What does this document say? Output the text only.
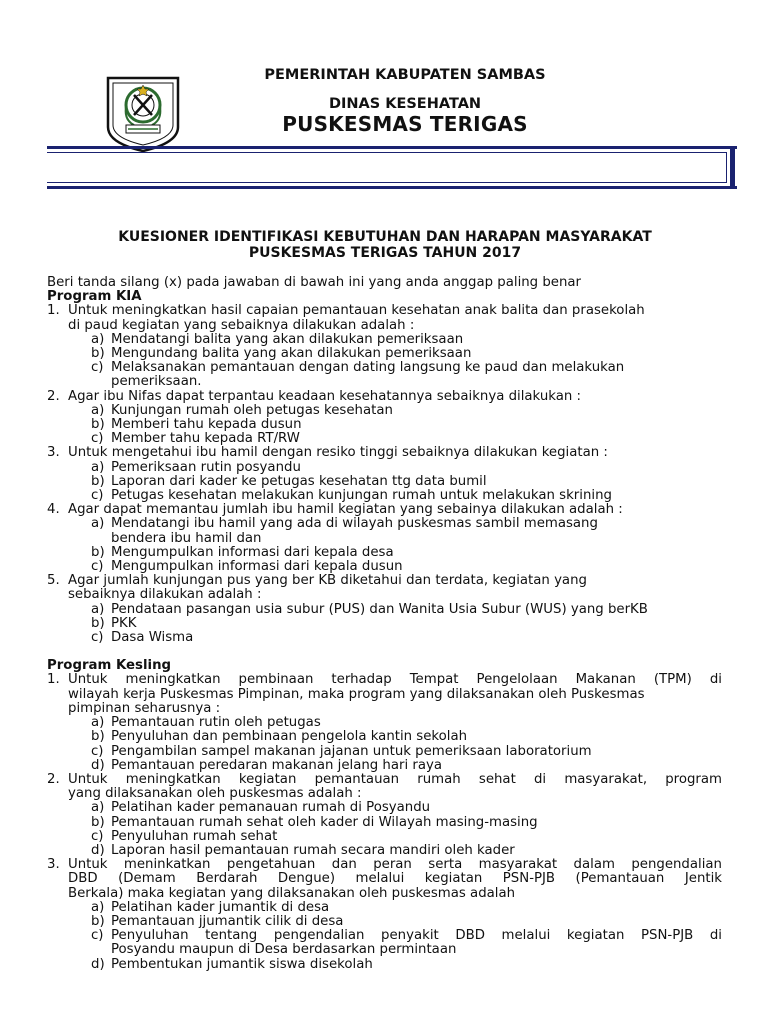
PEMERINTAH KABUPATEN SAMBAS
DINAS KESEHATAN
PUSKESMAS TERIGAS
KUESIONER IDENTIFIKASI KEBUTUHAN DAN HARAPAN MASYARAKAT
PUSKESMAS TERIGAS TAHUN 2017
Beri tanda silang (x) pada jawaban di bawah ini yang anda anggap paling benar
Program KIA
1. Untuk meningkatkan hasil capaian pemantauan kesehatan anak balita dan prasekolah
di paud kegiatan yang sebaiknya dilakukan adalah :
a) Mendatangi balita yang akan dilakukan pemeriksaan
b) Mengundang balita yang akan dilakukan pemeriksaan
c) Melaksanakan pemantauan dengan dating langsung ke paud dan melakukan
pemeriksaan.
2. Agar ibu Nifas dapat terpantau keadaan kesehatannya sebaiknya dilakukan :
a) Kunjungan rumah oleh petugas kesehatan
b) Memberi tahu kepada dusun
c) Member tahu kepada RT/RW
3. Untuk mengetahui ibu hamil dengan resiko tinggi sebaiknya dilakukan kegiatan :
a) Pemeriksaan rutin posyandu
b) Laporan dari kader ke petugas kesehatan ttg data bumil
c) Petugas kesehatan melakukan kunjungan rumah untuk melakukan skrining
4. Agar dapat memantau jumlah ibu hamil kegiatan yang sebainya dilakukan adalah :
a) Mendatangi ibu hamil yang ada di wilayah puskesmas sambil memasang
bendera ibu hamil dan
b) Mengumpulkan informasi dari kepala desa
c) Mengumpulkan informasi dari kepala dusun
5. Agar jumlah kunjungan pus yang ber KB diketahui dan terdata, kegiatan yang
sebaiknya dilakukan adalah :
a) Pendataan pasangan usia subur (PUS) dan Wanita Usia Subur (WUS) yang berKB
b) PKK
c) Dasa Wisma
Program Kesling
1. Untuk meningkatkan pembinaan terhadap Tempat Pengelolaan Makanan (TPM) di
wilayah kerja Puskesmas Pimpinan, maka program yang dilaksanakan oleh Puskesmas
pimpinan seharusnya :
a) Pemantauan rutin oleh petugas
b) Penyuluhan dan pembinaan pengelola kantin sekolah
c) Pengambilan sampel makanan jajanan untuk pemeriksaan laboratorium
d) Pemantauan peredaran makanan jelang hari raya
2. Untuk meningkatkan kegiatan pemantauan rumah sehat di masyarakat, program
yang dilaksanakan oleh puskesmas adalah :
a) Pelatihan kader pemanauan rumah di Posyandu
b) Pemantauan rumah sehat oleh kader di Wilayah masing-masing
c) Penyuluhan rumah sehat
d) Laporan hasil pemantauan rumah secara mandiri oleh kader
3. Untuk meninkatkan pengetahuan dan peran serta masyarakat dalam pengendalian
DBD (Demam Berdarah Dengue) melalui kegiatan PSN-PJB (Pemantauan Jentik
Berkala) maka kegiatan yang dilaksanakan oleh puskesmas adalah
a) Pelatihan kader jumantik di desa
b) Pemantauan jjumantik cilik di desa
c) Penyuluhan tentang pengendalian penyakit DBD melalui kegiatan PSN-PJB di
Posyandu maupun di Desa berdasarkan permintaan
d) Pembentukan jumantik siswa disekolah
